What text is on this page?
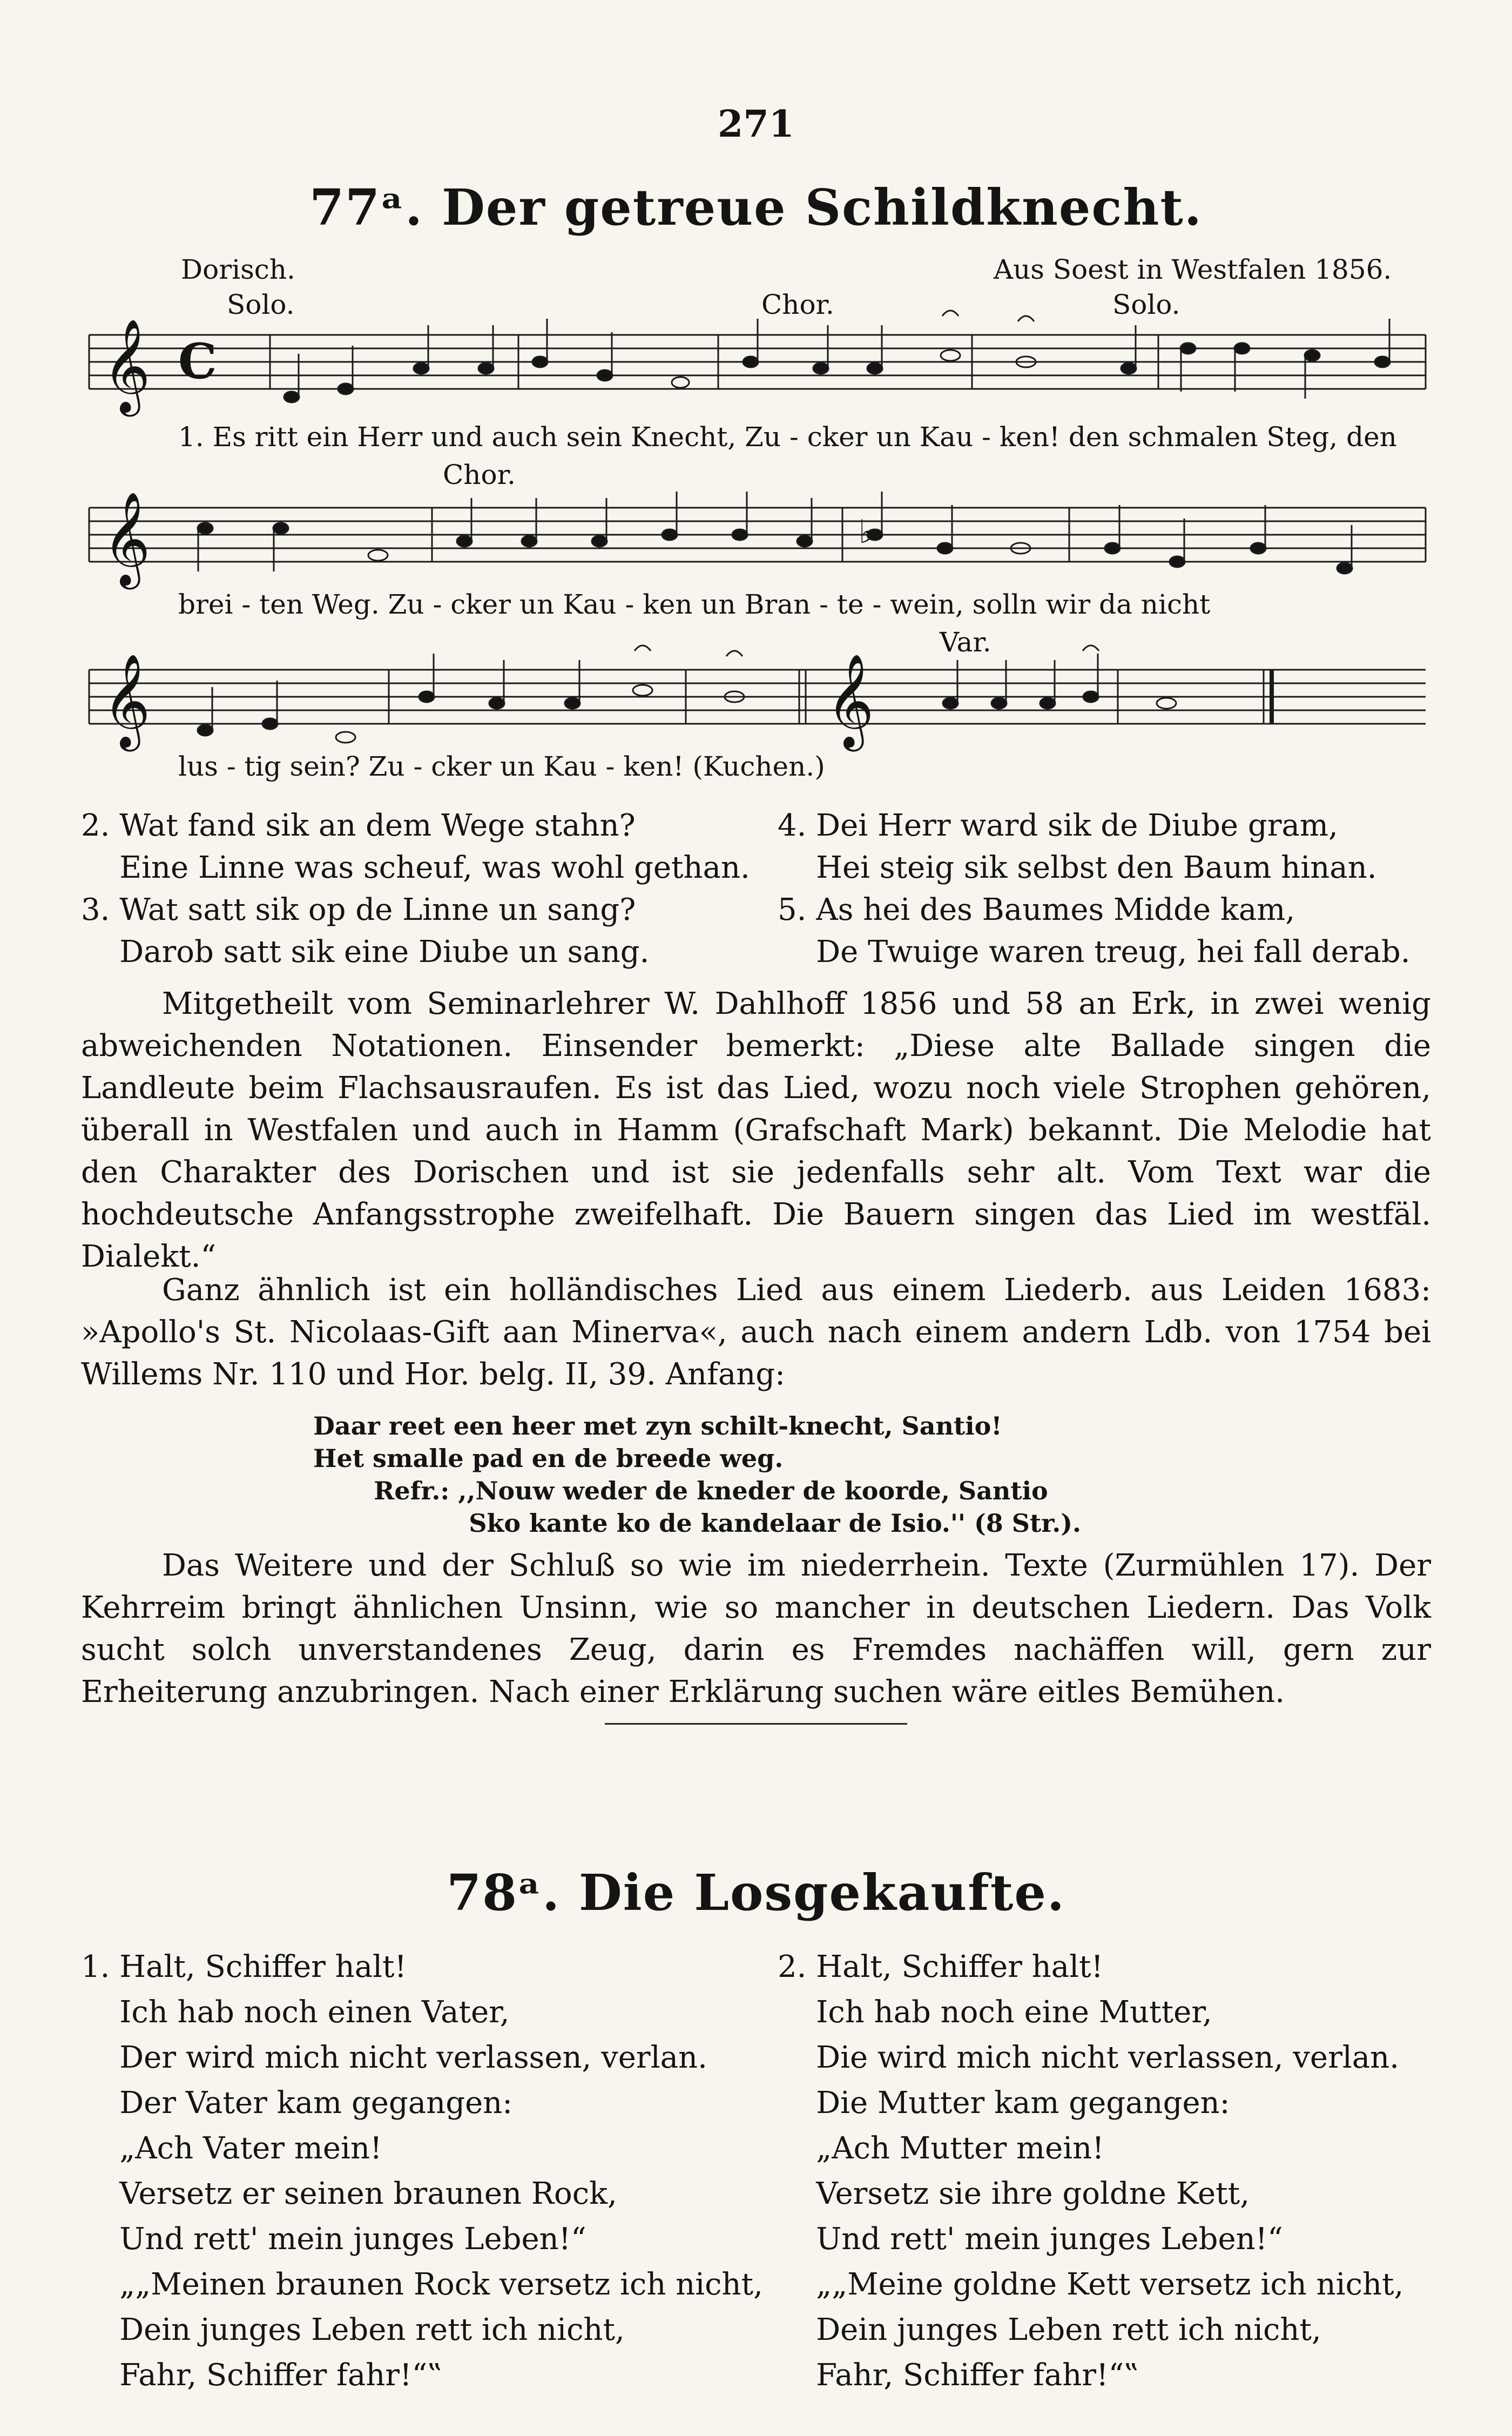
271
77ᵃ. Der getreue Schildknecht.
Dorisch.	Aus Soest in Westfalen 1856.
Solo.	Chor.	Solo.
𝄞 C
1. Es ritt ein Herr und auch sein Knecht, Zu - cker un Kau - ken! den schmalen Steg, den
Chor.
𝄞	♭
brei - ten Weg. Zu - cker un Kau - ken un Bran - te - wein, solln wir da nicht
Var.
𝄞	𝄞
lus - tig sein? Zu - cker un Kau - ken! (Kuchen.)
2. Wat fand sik an dem Wege stahn?
Eine Linne was scheuf, was wohl gethan.
3. Wat satt sik op de Linne un sang?
Darob satt sik eine Diube un sang.
4. Dei Herr ward sik de Diube gram,
Hei steig sik selbst den Baum hinan.
5. As hei des Baumes Midde kam,
De Twuige waren treug, hei fall derab.
Mitgetheilt vom Seminarlehrer W. Dahlhoff 1856 und 58 an Erk, in zwei wenig abweichenden Notationen. Einsender bemerkt: „Diese alte Ballade singen die Landleute beim Flachsausraufen. Es ist das Lied, wozu noch viele Strophen gehören, überall in Westfalen und auch in Hamm (Grafschaft Mark) bekannt. Die Melodie hat den Charakter des Dorischen und ist sie jedenfalls sehr alt. Vom Text war die hochdeutsche Anfangsstrophe zweifelhaft. Die Bauern singen das Lied im westfäl. Dialekt.“
Ganz ähnlich ist ein holländisches Lied aus einem Liederb. aus Leiden 1683: »Apollo's St. Nicolaas-Gift aan Minerva«, auch nach einem andern Ldb. von 1754 bei Willems Nr. 110 und Hor. belg. II, 39. Anfang:
Daar reet een heer met zyn schilt-knecht, Santio!
Het smalle pad en de breede weg.
Refr.: ,,Nouw weder de kneder de koorde, Santio
Sko kante ko de kandelaar de Isio.'' (8 Str.).
Das Weitere und der Schluß so wie im niederrhein. Texte (Zurmühlen 17). Der Kehrreim bringt ähnlichen Unsinn, wie so mancher in deutschen Liedern. Das Volk sucht solch unverstandenes Zeug, darin es Fremdes nachäffen will, gern zur Erheiterung anzubringen. Nach einer Erklärung suchen wäre eitles Bemühen.
78ᵃ. Die Losgekaufte.
1. Halt, Schiffer halt!
Ich hab noch einen Vater,
Der wird mich nicht verlassen, verlan.
Der Vater kam gegangen:
„Ach Vater mein!
Versetz er seinen braunen Rock,
Und rett' mein junges Leben!“
„„Meinen braunen Rock versetz ich nicht,
Dein junges Leben rett ich nicht,
Fahr, Schiffer fahr!“‟
2. Halt, Schiffer halt!
Ich hab noch eine Mutter,
Die wird mich nicht verlassen, verlan.
Die Mutter kam gegangen:
„Ach Mutter mein!
Versetz sie ihre goldne Kett,
Und rett' mein junges Leben!“
„„Meine goldne Kett versetz ich nicht,
Dein junges Leben rett ich nicht,
Fahr, Schiffer fahr!“‟
